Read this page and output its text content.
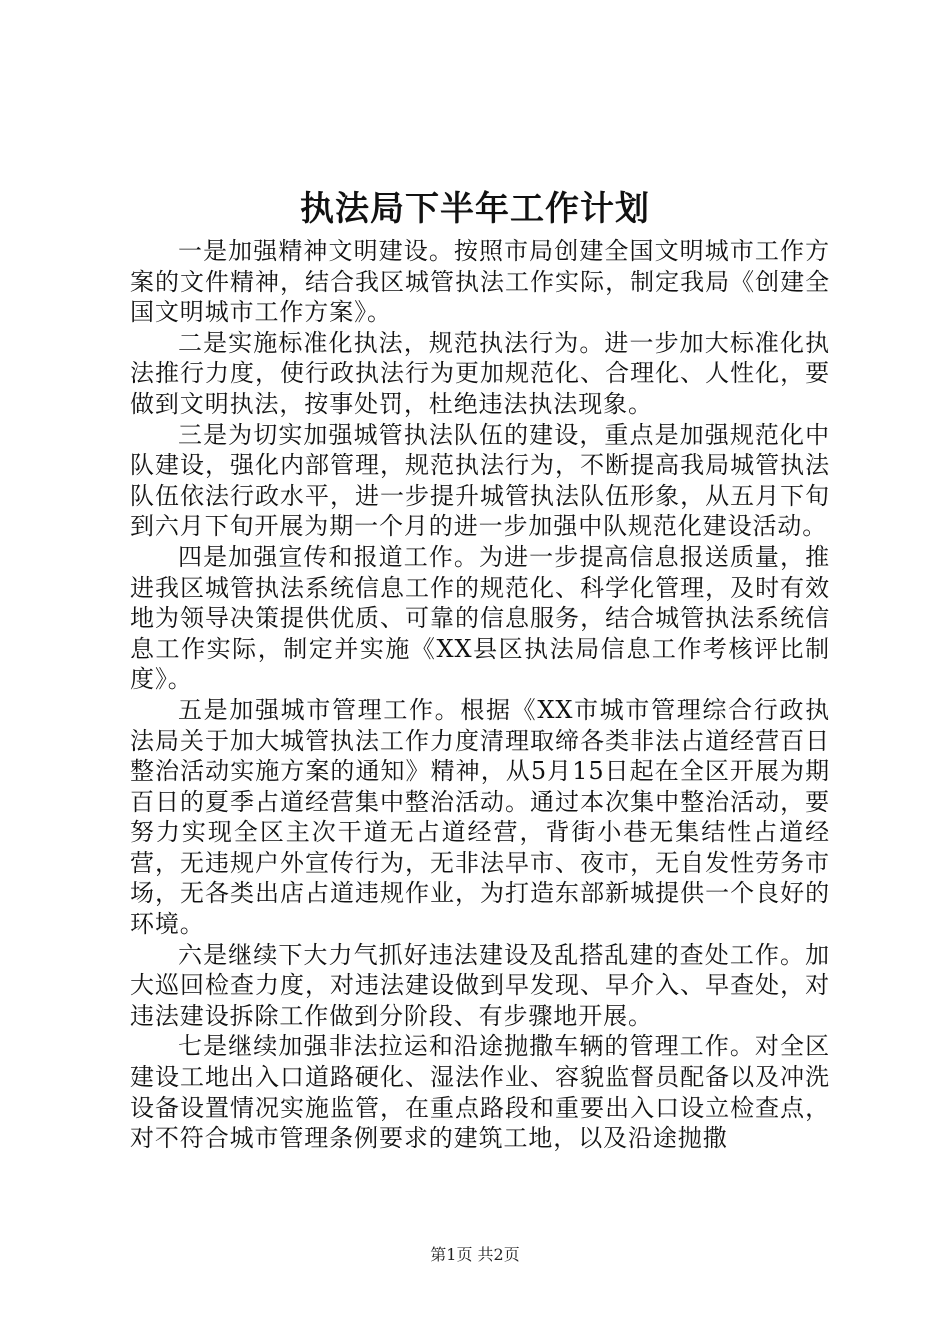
执法局下半年工作计划

一是加强精神文明建设。按照市局创建全国文明城市工作方案的文件精神，结合我区城管执法工作实际，制定我局《创建全国文明城市工作方案》。

二是实施标准化执法，规范执法行为。进一步加大标准化执法推行力度，使行政执法行为更加规范化、合理化、人性化，要做到文明执法，按事处罚，杜绝违法执法现象。

三是为切实加强城管执法队伍的建设，重点是加强规范化中队建设，强化内部管理，规范执法行为，不断提高我局城管执法队伍依法行政水平，进一步提升城管执法队伍形象，从五月下旬到六月下旬开展为期一个月的进一步加强中队规范化建设活动。

四是加强宣传和报道工作。为进一步提高信息报送质量，推进我区城管执法系统信息工作的规范化、科学化管理，及时有效地为领导决策提供优质、可靠的信息服务，结合城管执法系统信息工作实际，制定并实施《XX县区执法局信息工作考核评比制度》。

五是加强城市管理工作。根据《XX市城市管理综合行政执法局关于加大城管执法工作力度清理取缔各类非法占道经营百日整治活动实施方案的通知》精神，从5月15日起在全区开展为期百日的夏季占道经营集中整治活动。通过本次集中整治活动，要努力实现全区主次干道无占道经营，背街小巷无集结性占道经营，无违规户外宣传行为，无非法早市、夜市，无自发性劳务市场，无各类出店占道违规作业，为打造东部新城提供一个良好的环境。

六是继续下大力气抓好违法建设及乱搭乱建的查处工作。加大巡回检查力度，对违法建设做到早发现、早介入、早查处，对违法建设拆除工作做到分阶段、有步骤地开展。

七是继续加强非法拉运和沿途抛撒车辆的管理工作。对全区建设工地出入口道路硬化、湿法作业、容貌监督员配备以及冲洗设备设置情况实施监管，在重点路段和重要出入口设立检查点，对不符合城市管理条例要求的建筑工地，以及沿途抛撒

第1页 共2页
